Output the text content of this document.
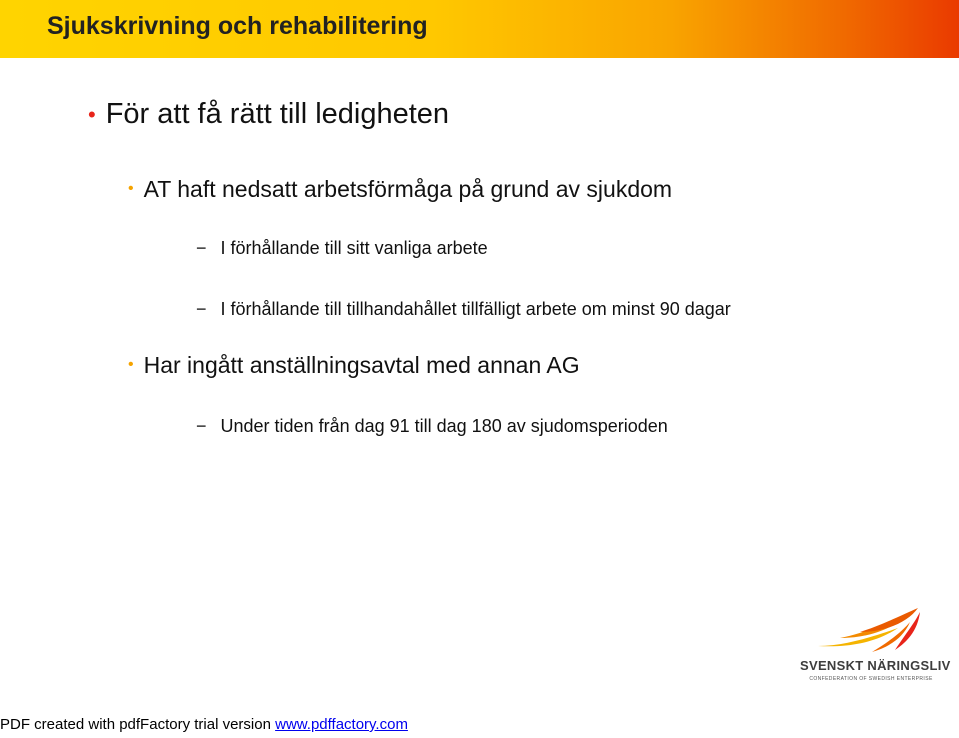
Sjukskrivning och rehabilitering
• För att få rätt till ledigheten
• AT haft nedsatt arbetsförmåga på grund av sjukdom
− I förhållande till sitt vanliga arbete
− I förhållande till tillhandahållet tillfälligt arbete om minst 90 dagar
• Har ingått anställningsavtal med annan AG
− Under tiden från dag 91 till dag 180 av sjudomsperioden
SVENSKT NÄRINGSLIV
CONFEDERATION OF SWEDISH ENTERPRISE
PDF created with pdfFactory trial version www.pdffactory.com
